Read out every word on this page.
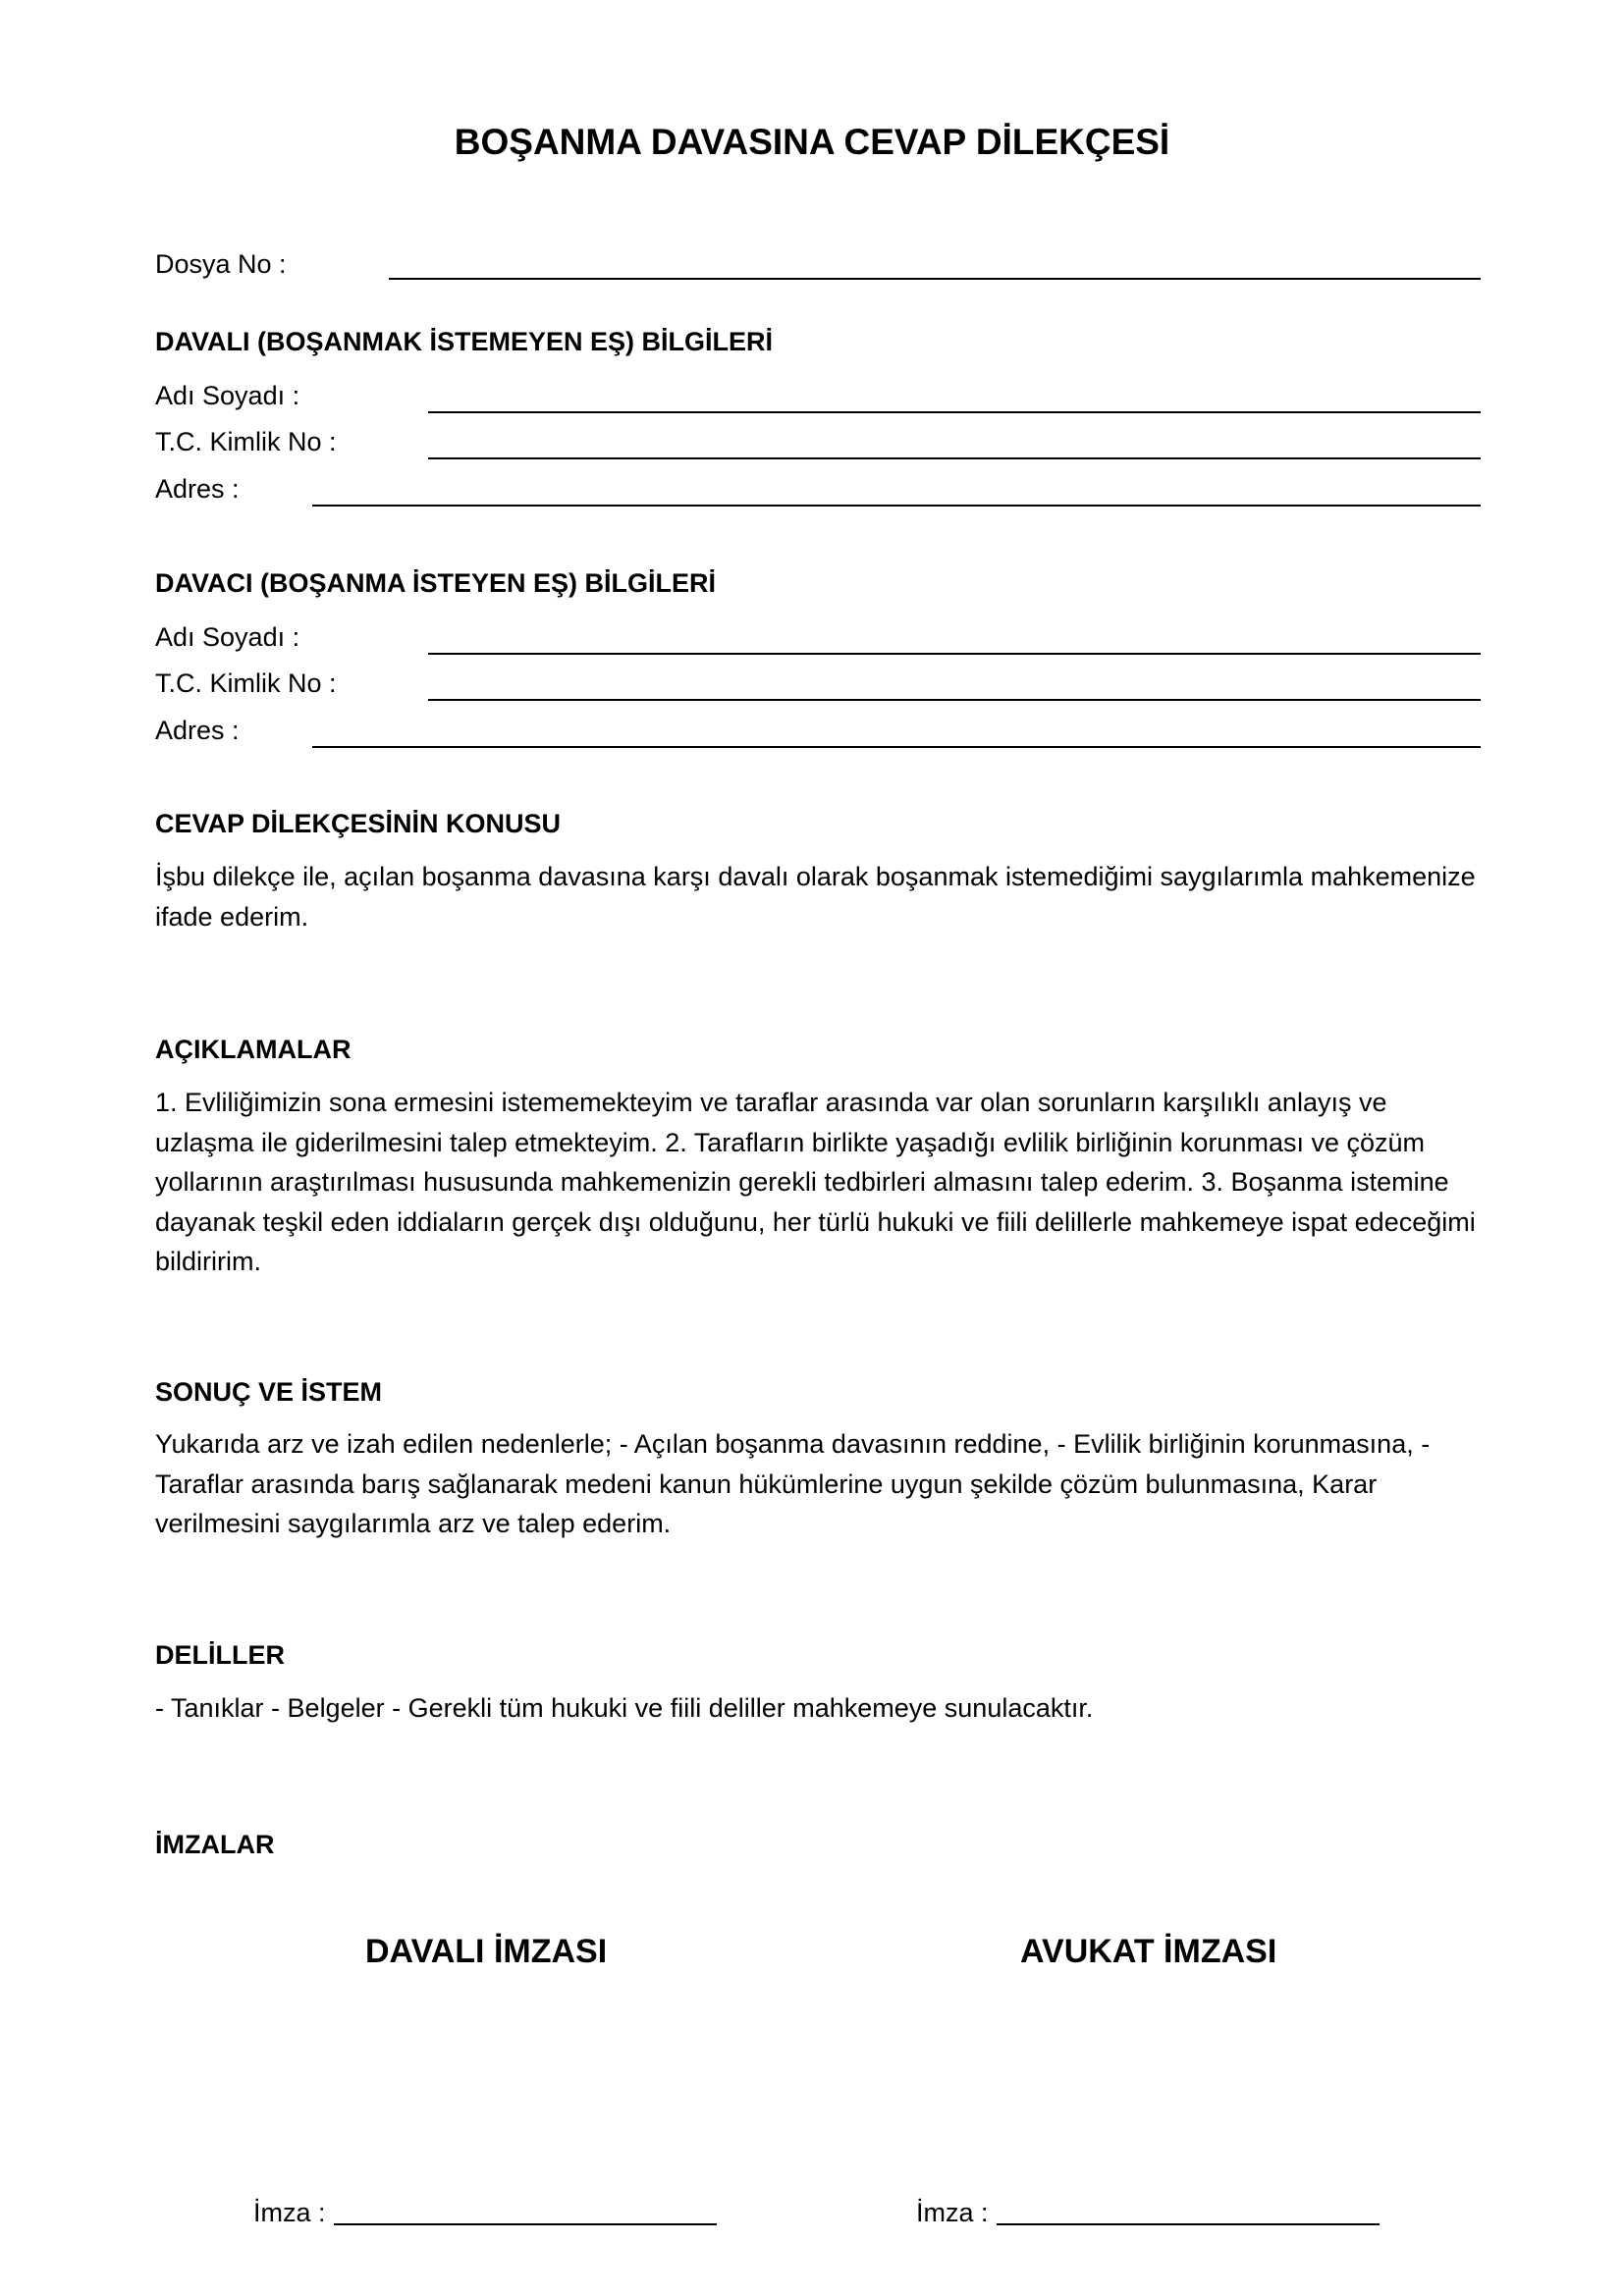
BOŞANMA DAVASINA CEVAP DİLEKÇESİ
Dosya No :
DAVALI (BOŞANMAK İSTEMEYEN EŞ) BİLGİLERİ
Adı Soyadı :
T.C. Kimlik No :
Adres :
DAVACI (BOŞANMA İSTEYEN EŞ) BİLGİLERİ
Adı Soyadı :
T.C. Kimlik No :
Adres :
CEVAP DİLEKÇESİNİN KONUSU

İşbu dilekçe ile, açılan boşanma davasına karşı davalı olarak boşanmak istemediğimi saygılarımla mahkemenize ifade ederim.

AÇIKLAMALAR

1. Evliliğimizin sona ermesini istememekteyim ve taraflar arasında var olan sorunların karşılıklı anlayış ve uzlaşma ile giderilmesini talep etmekteyim. 2. Tarafların birlikte yaşadığı evlilik birliğinin korunması ve çözüm yollarının araştırılması hususunda mahkemenizin gerekli tedbirleri almasını talep ederim. 3. Boşanma istemine dayanak teşkil eden iddiaların gerçek dışı olduğunu, her türlü hukuki ve fiili delillerle mahkemeye ispat edeceğimi bildiririm.

SONUÇ VE İSTEM

Yukarıda arz ve izah edilen nedenlerle; - Açılan boşanma davasının reddine, - Evlilik birliğinin korunmasına, - Taraflar arasında barış sağlanarak medeni kanun hükümlerine uygun şekilde çözüm bulunmasına, Karar verilmesini saygılarımla arz ve talep ederim.

DELİLLER

- Tanıklar - Belgeler - Gerekli tüm hukuki ve fiili deliller mahkemeye sunulacaktır.

İMZALAR
DAVALI İMZASI	AVUKAT İMZASI
İmza :	İmza :
